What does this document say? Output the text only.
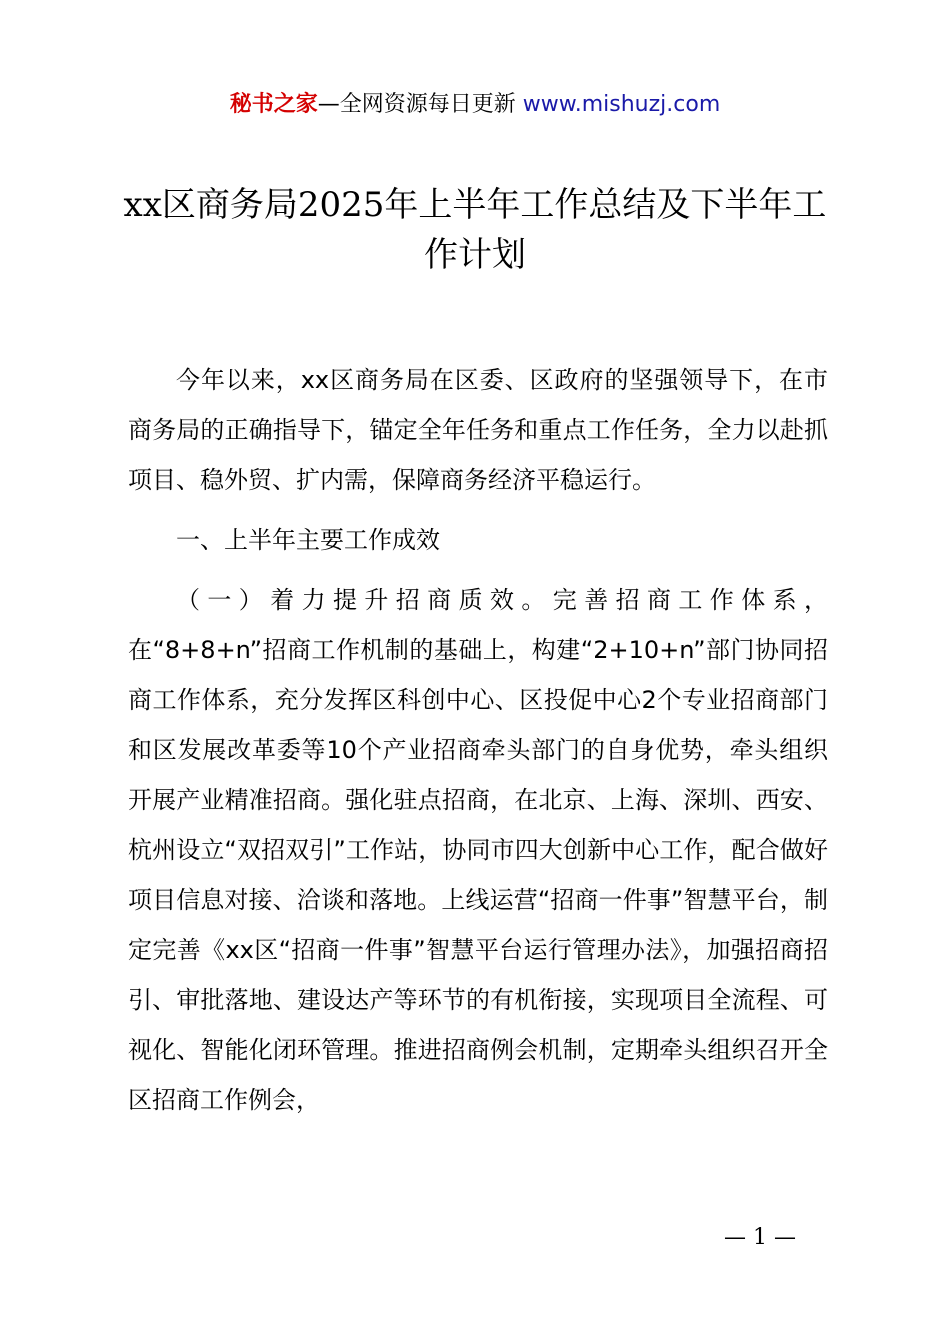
秘书之家—全网资源每日更新 www.mishuzj.com
xx区商务局2025年上半年工作总结及下半年工作计划

今年以来，xx区商务局在区委、区政府的坚强领导下，在市商务局的正确指导下，锚定全年任务和重点工作任务，全力以赴抓项目、稳外贸、扩内需，保障商务经济平稳运行。

一、上半年主要工作成效

（一）着力提升招商质效。完善招商工作体系，在“8+8+n”招商工作机制的基础上，构建“2+10+n”部门协同招商工作体系，充分发挥区科创中心、区投促中心2个专业招商部门和区发展改革委等10个产业招商牵头部门的自身优势，牵头组织开展产业精准招商。强化驻点招商，在北京、上海、深圳、西安、杭州设立“双招双引”工作站，协同市四大创新中心工作，配合做好项目信息对接、洽谈和落地。上线运营“招商一件事”智慧平台，制定完善《xx区“招商一件事”智慧平台运行管理办法》，加强招商招引、审批落地、建设达产等环节的有机衔接，实现项目全流程、可视化、智能化闭环管理。推进招商例会机制，定期牵头组织召开全区招商工作例会，

— 1 —
